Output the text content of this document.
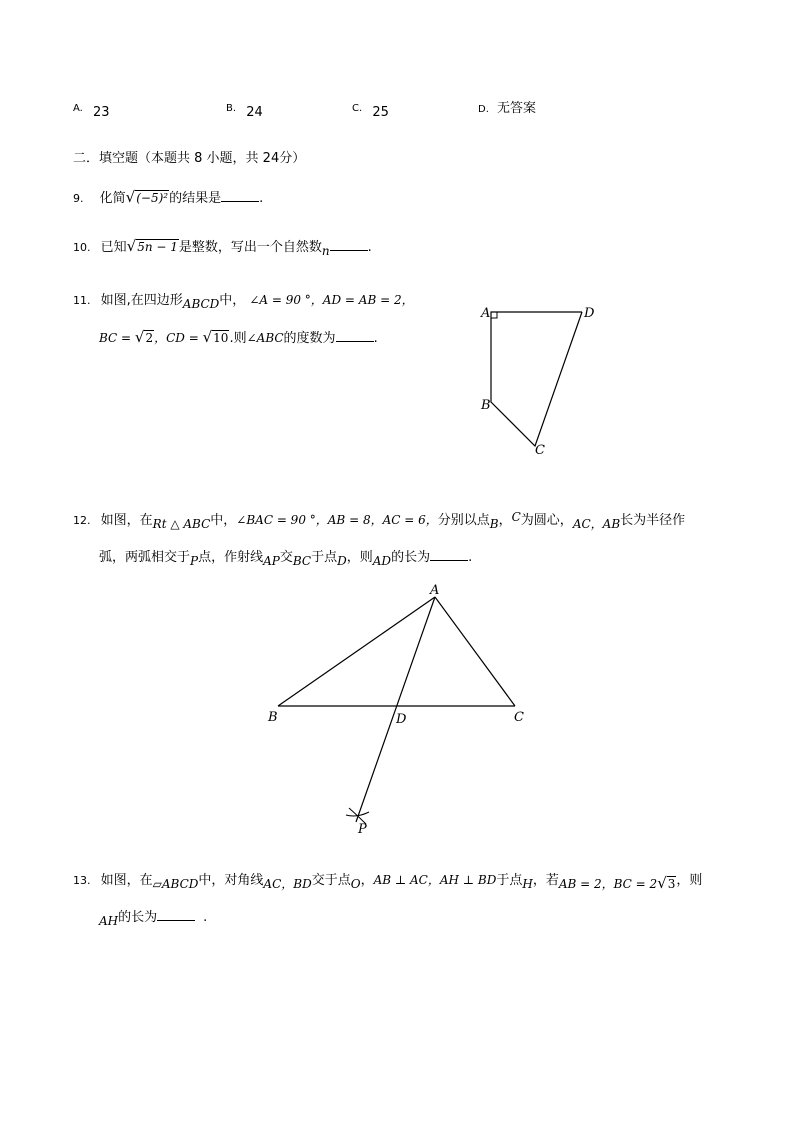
A. 23	B. 24	C. 25	D. 无答案
二．填空题（本题共 8 小题，共 24分）
9. 化简√(−5)²的结果是	.
10. 已知√5n − 1是整数，写出一个自然数n	.
11. 如图,在四边形ABCD中， ∠A = 90 °，AD = AB = 2，
BC = √2，CD = √10.则∠ABC的度数为	.
A	D
B
C
12. 如图，在Rt △ ABC中，∠BAC = 90 °，AB = 8，AC = 6，分别以点B，C为圆心，AC，AB长为半径作
弧，两弧相交于P点，作射线AP交BC于点D，则AD的长为	.
A
B	C
D
P
13. 如图，在▱ABCD中，对角线AC，BD交于点O，AB ⊥ AC，AH ⊥ BD于点H，若AB = 2，BC = 2√3，则
AH的长为	.
